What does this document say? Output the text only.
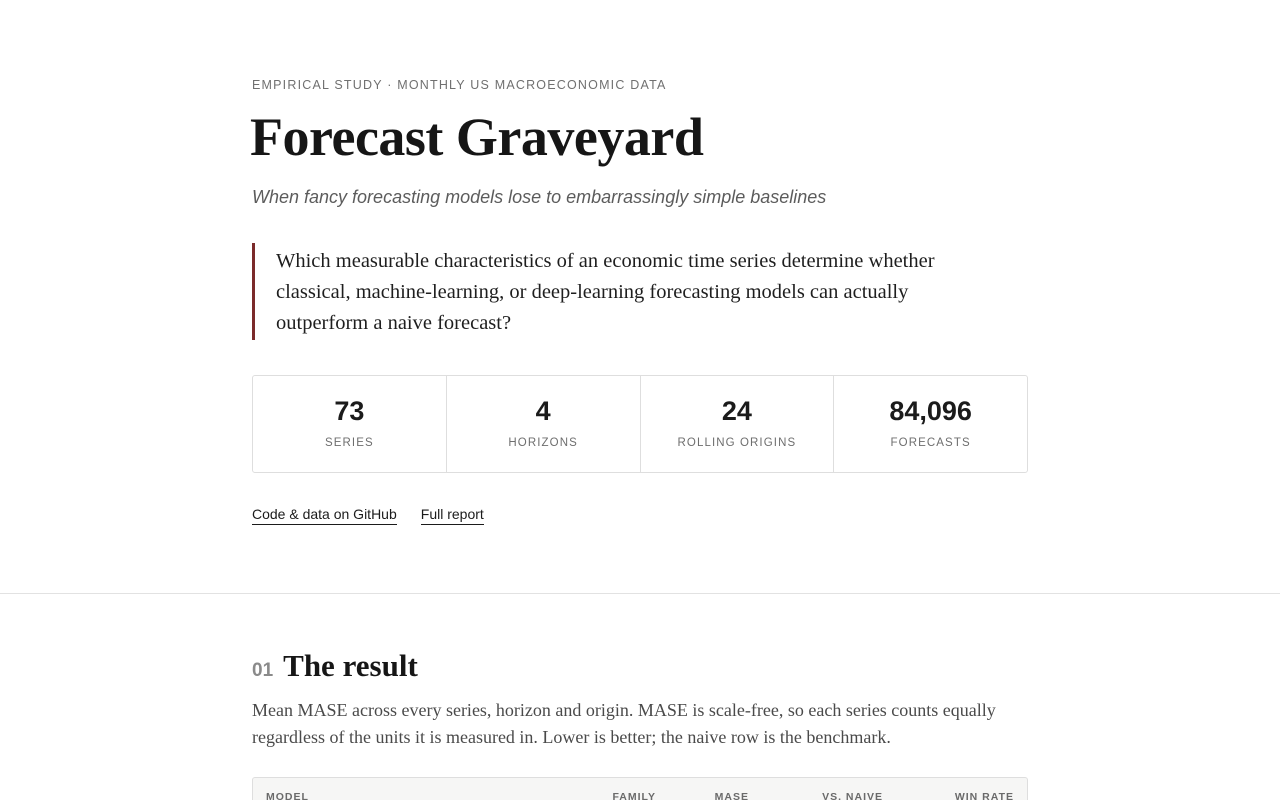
EMPIRICAL STUDY · MONTHLY US MACROECONOMIC DATA
Forecast Graveyard
When fancy forecasting models lose to embarrassingly simple baselines
Which measurable characteristics of an economic time series determine whether classical, machine-learning, or deep-learning forecasting models can actually outperform a naive forecast?
73
SERIES
4
HORIZONS
24
ROLLING ORIGINS
84,096
FORECASTS
Code & data on GitHub Full report
01 The result

Mean MASE across every series, horizon and origin. MASE is scale-free, so each series counts equally regardless of the units it is measured in. Lower is better; the naive row is the benchmark.

MODEL	FAMILY	MASE	VS. NAIVE	WIN RATE
